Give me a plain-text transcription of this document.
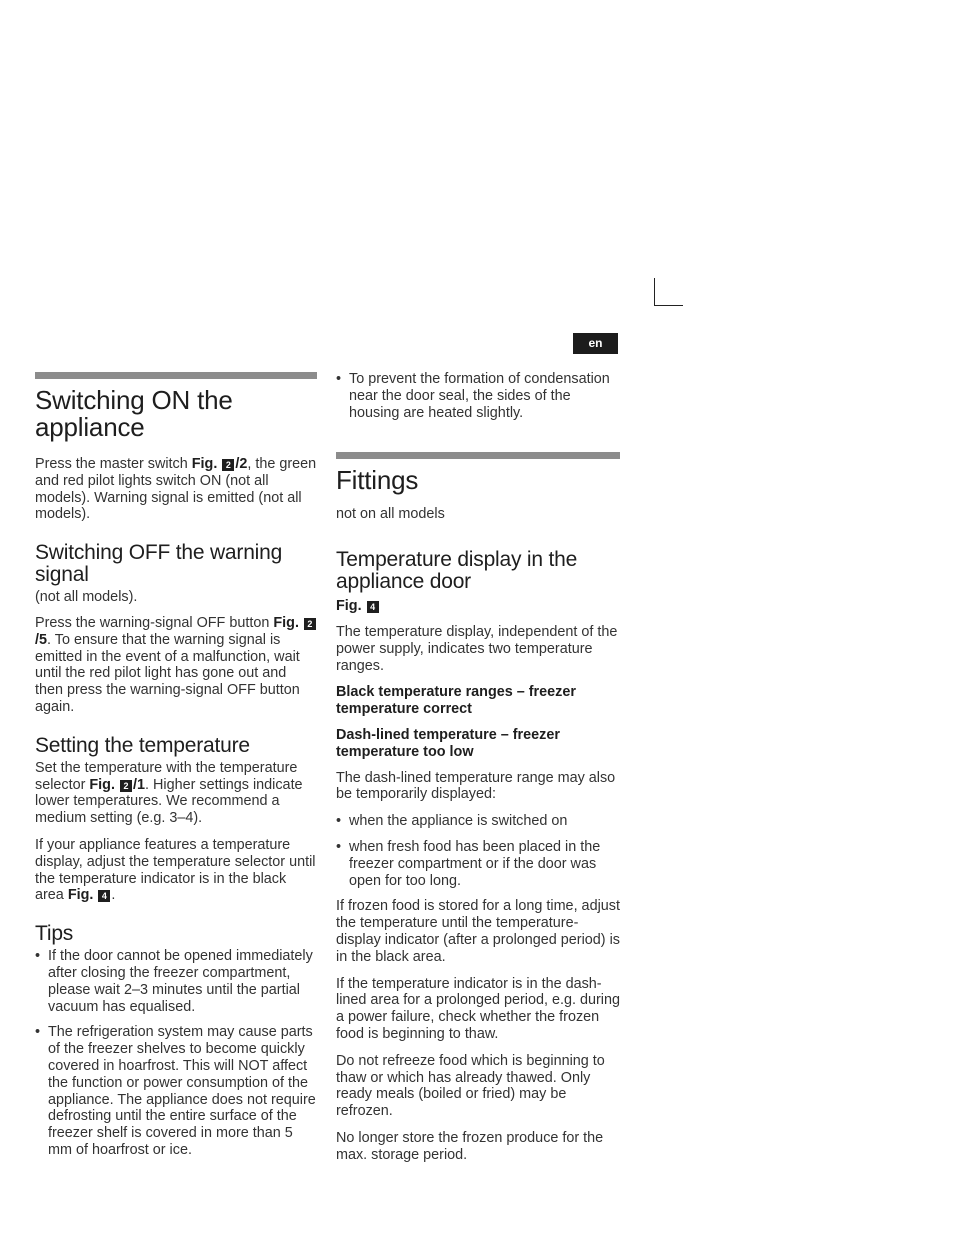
en
Switching ON the appliance

Press the master switch Fig. 2 /2, the green and red pilot lights switch ON (not all models). Warning signal is emitted (not all models).

Switching OFF the warning signal

(not all models).

Press the warning-signal OFF button Fig. 2/5. To ensure that the warning signal is emitted in the event of a malfunction, wait until the red pilot light has gone out and then press the warning-signal OFF button again.

Setting the temperature

Set the temperature with the temperature selector Fig. 2 /1. Higher settings indicate lower temperatures. We recommend a medium setting (e.g. 3–4).

If your appliance features a temperature display, adjust the temperature selector until the temperature indicator is in the black area Fig. 4 .

Tips
• If the door cannot be opened immediately after closing the freezer compartment, please wait 2–3 minutes until the partial vacuum has equalised.
• The refrigeration system may cause parts of the freezer shelves to become quickly covered in hoarfrost. This will NOT affect the function or power consumption of the appliance. The appliance does not require defrosting until the entire surface of the freezer shelf is covered in more than 5 mm of hoarfrost or ice.
• To prevent the formation of condensation near the door seal, the sides of the housing are heated slightly.
Fittings

not on all models

Temperature display in the appliance door

Fig. 4

The temperature display, independent of the power supply, indicates two temperature ranges.

Black temperature ranges – freezer temperature correct

Dash-lined temperature – freezer temperature too low

The dash-lined temperature range may also be temporarily displayed:

• when the appliance is switched on
• when fresh food has been placed in the freezer compartment or if the door was open for too long.

If frozen food is stored for a long time, adjust the temperature until the temperature-display indicator (after a prolonged period) is in the black area.

If the temperature indicator is in the dash-lined area for a prolonged period, e.g. during a power failure, check whether the frozen food is beginning to thaw.

Do not refreeze food which is beginning to thaw or which has already thawed. Only ready meals (boiled or fried) may be refrozen.

No longer store the frozen produce for the max. storage period.
